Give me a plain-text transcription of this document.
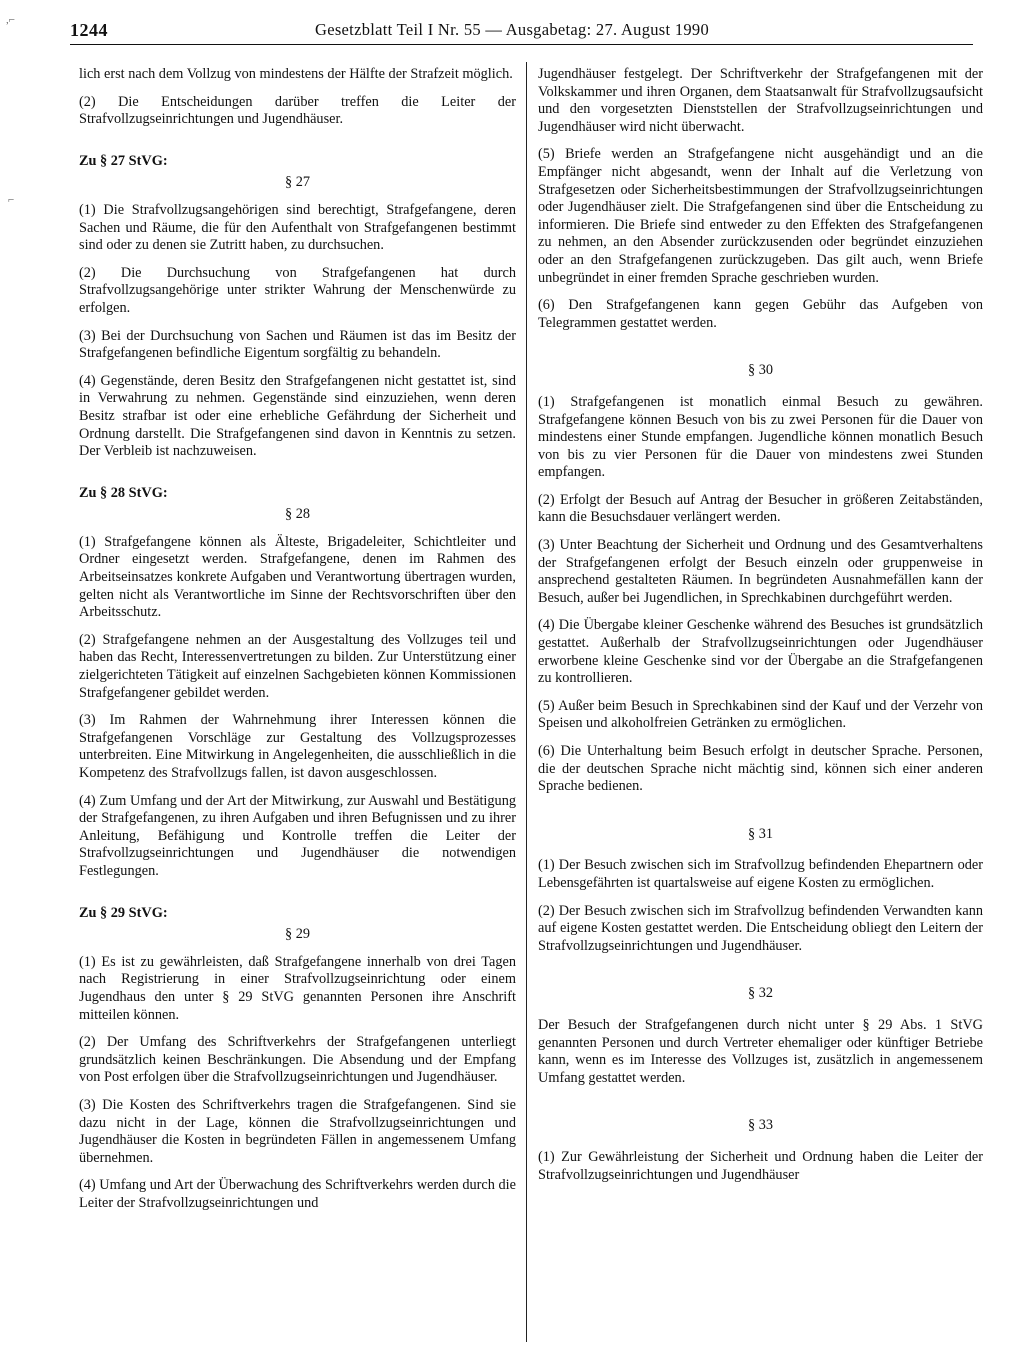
,⌐
⌐
1244	Gesetzblatt Teil I Nr. 55 — Ausgabetag: 27. August 1990

lich erst nach dem Vollzug von mindestens der Hälfte der Strafzeit möglich.

(2) Die Entscheidungen darüber treffen die Leiter der Strafvollzugseinrichtungen und Jugendhäuser.

Zu § 27 StVG:
§ 27

(1) Die Strafvollzugsangehörigen sind berechtigt, Strafgefangene, deren Sachen und Räume, die für den Aufenthalt von Strafgefangenen bestimmt sind oder zu denen sie Zutritt haben, zu durchsuchen.

(2) Die Durchsuchung von Strafgefangenen hat durch Strafvollzugsangehörige unter strikter Wahrung der Menschenwürde zu erfolgen.

(3) Bei der Durchsuchung von Sachen und Räumen ist das im Besitz der Strafgefangenen befindliche Eigentum sorgfältig zu behandeln.

(4) Gegenstände, deren Besitz den Strafgefangenen nicht gestattet ist, sind in Verwahrung zu nehmen. Gegenstände sind einzuziehen, wenn deren Besitz strafbar ist oder eine erhebliche Gefährdung der Sicherheit und Ordnung darstellt. Die Strafgefangenen sind davon in Kenntnis zu setzen. Der Verbleib ist nachzuweisen.

Zu § 28 StVG:
§ 28

(1) Strafgefangene können als Älteste, Brigadeleiter, Schichtleiter und Ordner eingesetzt werden. Strafgefangene, denen im Rahmen des Arbeitseinsatzes konkrete Aufgaben und Verantwortung übertragen wurden, gelten nicht als Verantwortliche im Sinne der Rechtsvorschriften über den Arbeitsschutz.

(2) Strafgefangene nehmen an der Ausgestaltung des Vollzuges teil und haben das Recht, Interessenvertretungen zu bilden. Zur Unterstützung einer zielgerichteten Tätigkeit auf einzelnen Sachgebieten können Kommissionen Strafgefangener gebildet werden.

(3) Im Rahmen der Wahrnehmung ihrer Interessen können die Strafgefangenen Vorschläge zur Gestaltung des Vollzugsprozesses unterbreiten. Eine Mitwirkung in Angelegenheiten, die ausschließlich in die Kompetenz des Strafvollzugs fallen, ist davon ausgeschlossen.

(4) Zum Umfang und der Art der Mitwirkung, zur Auswahl und Bestätigung der Strafgefangenen, zu ihren Aufgaben und ihren Befugnissen und zu ihrer Anleitung, Befähigung und Kontrolle treffen die Leiter der Strafvollzugseinrichtungen und Jugendhäuser die notwendigen Festlegungen.

Zu § 29 StVG:
§ 29

(1) Es ist zu gewährleisten, daß Strafgefangene innerhalb von drei Tagen nach Registrierung in einer Strafvollzugseinrichtung oder einem Jugendhaus den unter § 29 StVG genannten Personen ihre Anschrift mitteilen können.

(2) Der Umfang des Schriftverkehrs der Strafgefangenen unterliegt grundsätzlich keinen Beschränkungen. Die Absendung und der Empfang von Post erfolgen über die Strafvollzugseinrichtungen und Jugendhäuser.

(3) Die Kosten des Schriftverkehrs tragen die Strafgefangenen. Sind sie dazu nicht in der Lage, können die Strafvollzugseinrichtungen und Jugendhäuser die Kosten in begründeten Fällen in angemessenem Umfang übernehmen.

(4) Umfang und Art der Überwachung des Schriftverkehrs werden durch die Leiter der Strafvollzugseinrichtungen und

Jugendhäuser festgelegt. Der Schriftverkehr der Strafgefangenen mit der Volkskammer und ihren Organen, dem Staatsanwalt für Strafvollzugsaufsicht und den vorgesetzten Dienststellen der Strafvollzugseinrichtungen und Jugendhäuser wird nicht überwacht.

(5) Briefe werden an Strafgefangene nicht ausgehändigt und an die Empfänger nicht abgesandt, wenn der Inhalt auf die Verletzung von Strafgesetzen oder Sicherheitsbestimmungen der Strafvollzugseinrichtungen oder Jugendhäuser zielt. Die Strafgefangenen sind über die Entscheidung zu informieren. Die Briefe sind entweder zu den Effekten des Strafgefangenen zu nehmen, an den Absender zurückzusenden oder begründet einzuziehen oder an den Strafgefangenen zurückzugeben. Das gilt auch, wenn Briefe unbegründet in einer fremden Sprache geschrieben wurden.

(6) Den Strafgefangenen kann gegen Gebühr das Aufgeben von Telegrammen gestattet werden.

§ 30

(1) Strafgefangenen ist monatlich einmal Besuch zu gewähren. Strafgefangene können Besuch von bis zu zwei Personen für die Dauer von mindestens einer Stunde empfangen. Jugendliche können monatlich Besuch von bis zu vier Personen für die Dauer von mindestens zwei Stunden empfangen.

(2) Erfolgt der Besuch auf Antrag der Besucher in größeren Zeitabständen, kann die Besuchsdauer verlängert werden.

(3) Unter Beachtung der Sicherheit und Ordnung und des Gesamtverhaltens der Strafgefangenen erfolgt der Besuch einzeln oder gruppenweise in ansprechend gestalteten Räumen. In begründeten Ausnahmefällen kann der Besuch, außer bei Jugendlichen, in Sprechkabinen durchgeführt werden.

(4) Die Übergabe kleiner Geschenke während des Besuches ist grundsätzlich gestattet. Außerhalb der Strafvollzugseinrichtungen oder Jugendhäuser erworbene kleine Geschenke sind vor der Übergabe an die Strafgefangenen zu kontrollieren.

(5) Außer beim Besuch in Sprechkabinen sind der Kauf und der Verzehr von Speisen und alkoholfreien Getränken zu ermöglichen.

(6) Die Unterhaltung beim Besuch erfolgt in deutscher Sprache. Personen, die der deutschen Sprache nicht mächtig sind, können sich einer anderen Sprache bedienen.

§ 31

(1) Der Besuch zwischen sich im Strafvollzug befindenden Ehepartnern oder Lebensgefährten ist quartalsweise auf eigene Kosten zu ermöglichen.

(2) Der Besuch zwischen sich im Strafvollzug befindenden Verwandten kann auf eigene Kosten gestattet werden. Die Entscheidung obliegt den Leitern der Strafvollzugseinrichtungen und Jugendhäuser.

§ 32

Der Besuch der Strafgefangenen durch nicht unter § 29 Abs. 1 StVG genannten Personen und durch Vertreter ehemaliger oder künftiger Betriebe kann, wenn es im Interesse des Vollzuges ist, zusätzlich in angemessenem Umfang gestattet werden.

§ 33

(1) Zur Gewährleistung der Sicherheit und Ordnung haben die Leiter der Strafvollzugseinrichtungen und Jugendhäuser
